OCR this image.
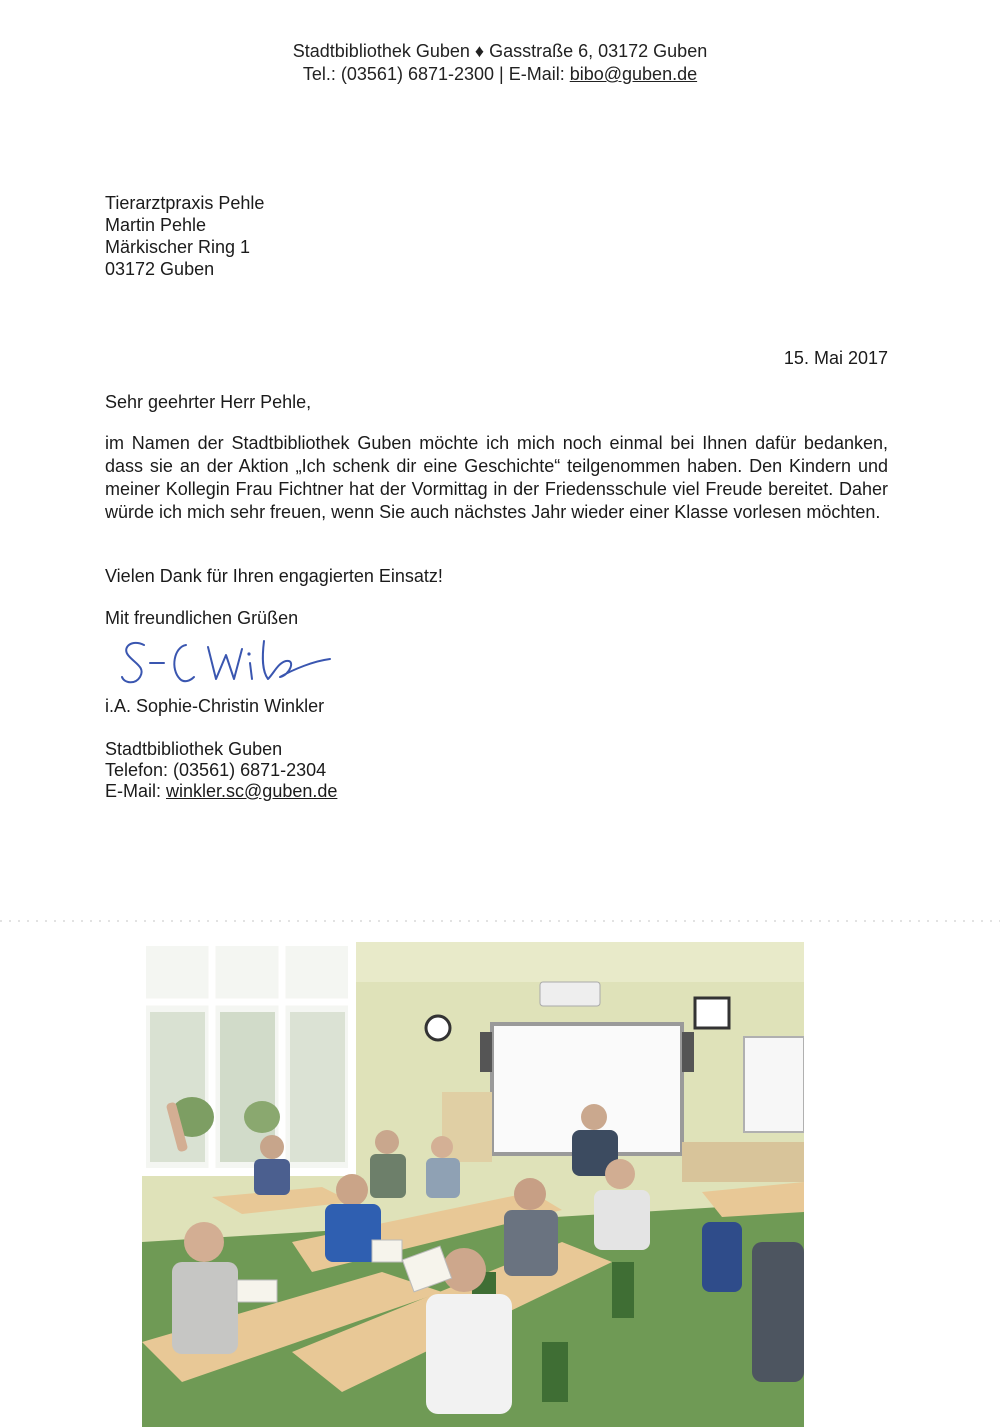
Stadtbibliothek Guben ♦ Gasstraße 6, 03172 Guben
Tel.: (03561) 6871-2300 | E-Mail: bibo@guben.de
Tierarztpraxis Pehle
Martin Pehle
Märkischer Ring 1
03172 Guben
15. Mai 2017
Sehr geehrter Herr Pehle,
im Namen der Stadtbibliothek Guben möchte ich mich noch einmal bei Ihnen dafür bedanken, dass sie an der Aktion „Ich schenk dir eine Geschichte“ teilgenommen haben. Den Kindern und meiner Kollegin Frau Fichtner hat der Vormittag in der Friedensschule viel Freude bereitet. Daher würde ich mich sehr freuen, wenn Sie auch nächstes Jahr wieder einer Klasse vorlesen möchten.
Vielen Dank für Ihren engagierten Einsatz!
Mit freundlichen Grüßen
i.A. Sophie-Christin Winkler
Stadtbibliothek Guben
Telefon: (03561) 6871-2304
E-Mail: winkler.sc@guben.de
